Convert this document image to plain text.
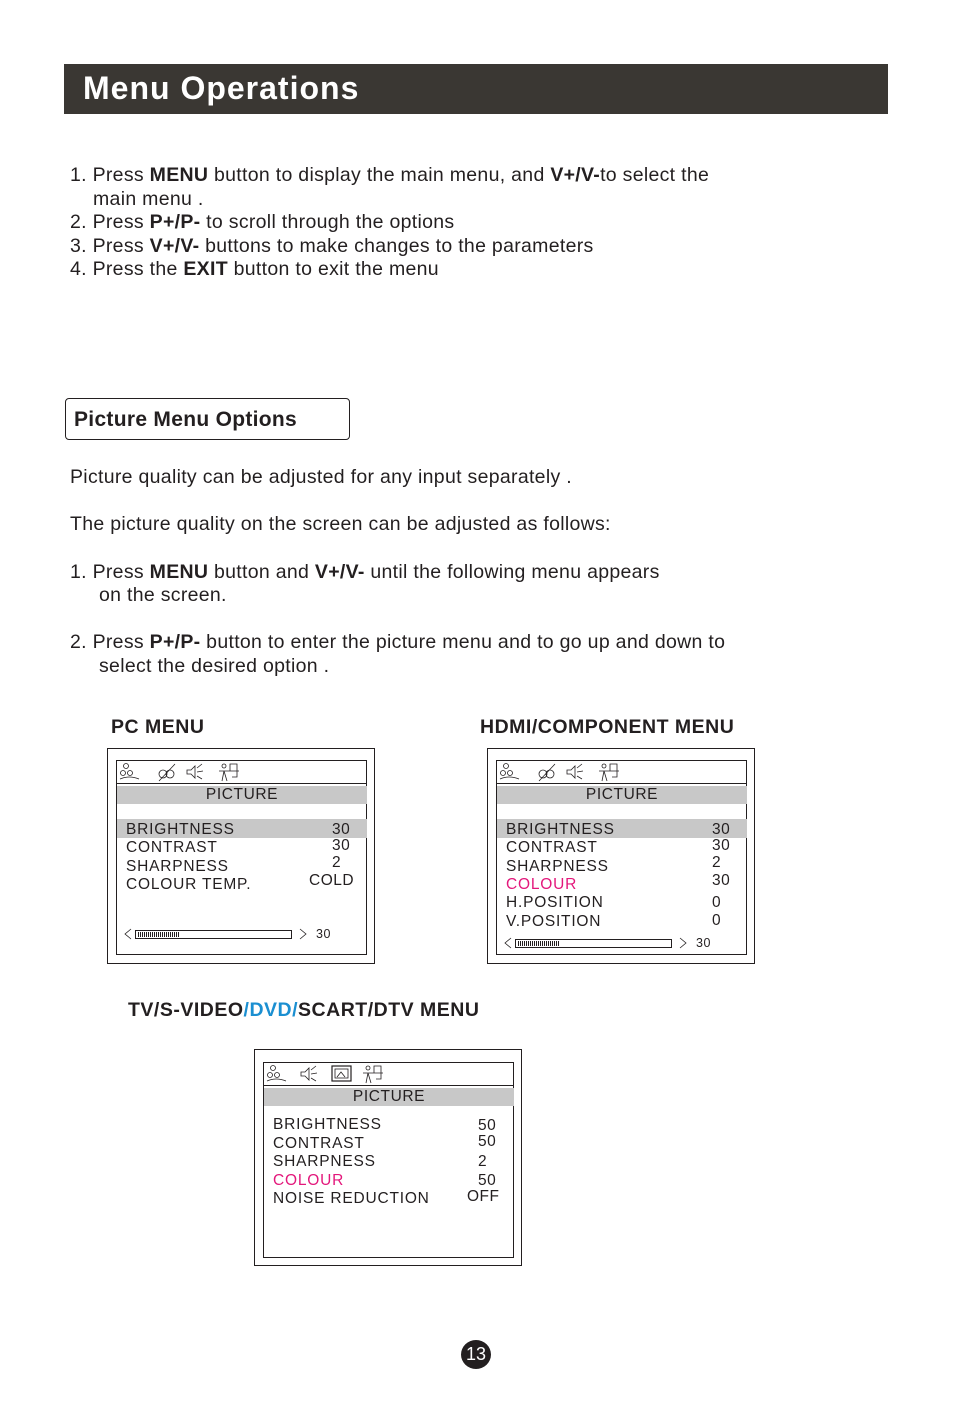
Menu Operations
1. Press MENU button to display the main menu, and V+/V-to select the
main menu .
2. Press P+/P- to scroll through the options
3. Press V+/V- buttons to make changes to the parameters
4. Press the EXIT button to exit the menu
Picture Menu Options
Picture quality can be adjusted for any input separately .
The picture quality on the screen can be adjusted as follows:
1. Press MENU button and V+/V- until the following menu appears
on the screen.
2. Press P+/P- button to enter the picture menu and to go up and down to
select the desired option .
PC MENU	HDMI/COMPONENT MENU
PICTURE
BRIGHTNESS	30
CONTRAST	30
SHARPNESS	2
COLOUR TEMP.	COLD
30
PICTURE
BRIGHTNESS	30
CONTRAST	30
SHARPNESS	2
COLOUR	30
H.POSITION	0
V.POSITION	0
30
TV/S-VIDEO/DVD/SCART/DTV MENU
PICTURE
BRIGHTNESS	50
CONTRAST	50
SHARPNESS	2
COLOUR	50
NOISE REDUCTION OFF
13
